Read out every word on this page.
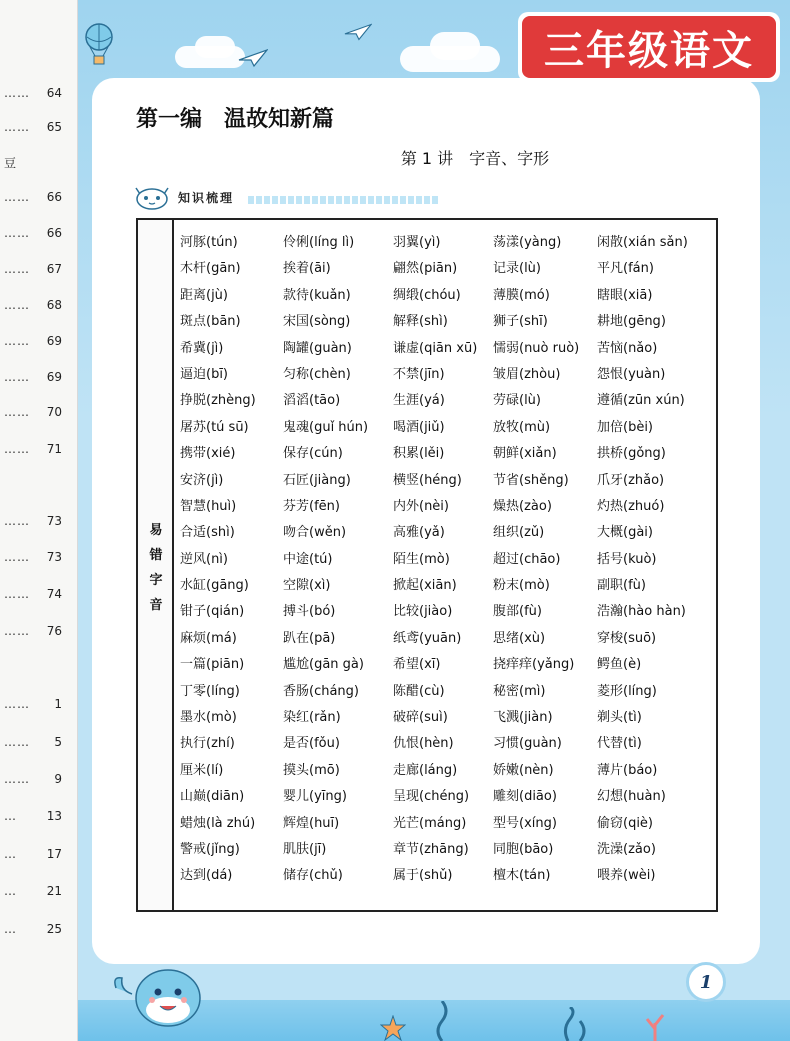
…… 64
…… 65
豆
…… 66
…… 66
…… 67
…… 68
…… 69
…… 69
…… 70
…… 71
…… 73
…… 73
…… 74
…… 76
…… 1
…… 5
…… 9
… 13
… 17
… 21
… 25
三年级语文
第一编　温故知新篇
第 1 讲　字音、字形
知识梳理
易
错
字
音
河豚(tún)	伶俐(líng lì)	羽翼(yì)	荡漾(yàng)	闲散(xián sǎn)
木杆(gān)	挨着(āi)	翩然(piān)	记录(lù)	平凡(fán)
距离(jù)	款待(kuǎn)	绸缎(chóu)	薄膜(mó)	瞎眼(xiā)
斑点(bān)	宋国(sòng)	解释(shì)	狮子(shī)	耕地(gēng)
希冀(jì)	陶罐(guàn)	谦虚(qiān xū)	懦弱(nuò ruò)	苦恼(nǎo)
逼迫(bī)	匀称(chèn)	不禁(jīn)	皱眉(zhòu)	怨恨(yuàn)
挣脱(zhèng)	滔滔(tāo)	生涯(yá)	劳碌(lù)	遵循(zūn xún)
屠苏(tú sū)	鬼魂(guǐ hún)	喝酒(jiǔ)	放牧(mù)	加倍(bèi)
携带(xié)	保存(cún)	积累(lěi)	朝鲜(xiǎn)	拱桥(gǒng)
安济(jì)	石匠(jiàng)	横竖(héng)	节省(shěng)	爪牙(zhǎo)
智慧(huì)	芬芳(fēn)	内外(nèi)	燥热(zào)	灼热(zhuó)
合适(shì)	吻合(wěn)	高雅(yǎ)	组织(zǔ)	大概(gài)
逆风(nì)	中途(tú)	陌生(mò)	超过(chāo)	括号(kuò)
水缸(gāng)	空隙(xì)	掀起(xiān)	粉末(mò)	副职(fù)
钳子(qián)	搏斗(bó)	比较(jiào)	腹部(fù)	浩瀚(hào hàn)
麻烦(má)	趴在(pā)	纸鸢(yuān)	思绪(xù)	穿梭(suō)
一篇(piān)	尴尬(gān gà)	希望(xī)	挠痒痒(yǎng)	鳄鱼(è)
丁零(líng)	香肠(cháng)	陈醋(cù)	秘密(mì)	菱形(líng)
墨水(mò)	染红(rǎn)	破碎(suì)	飞溅(jiàn)	剃头(tì)
执行(zhí)	是否(fǒu)	仇恨(hèn)	习惯(guàn)	代替(tì)
厘米(lí)	摸头(mō)	走廊(láng)	娇嫩(nèn)	薄片(báo)
山巅(diān)	婴儿(yīng)	呈现(chéng)	雕刻(diāo)	幻想(huàn)
蜡烛(là zhú)	辉煌(huī)	光芒(máng)	型号(xíng)	偷窃(qiè)
警戒(jǐng)	肌肤(jī)	章节(zhāng)	同胞(bāo)	洗澡(zǎo)
达到(dá)	储存(chǔ)	属于(shǔ)	檀木(tán)	喂养(wèi)
1
